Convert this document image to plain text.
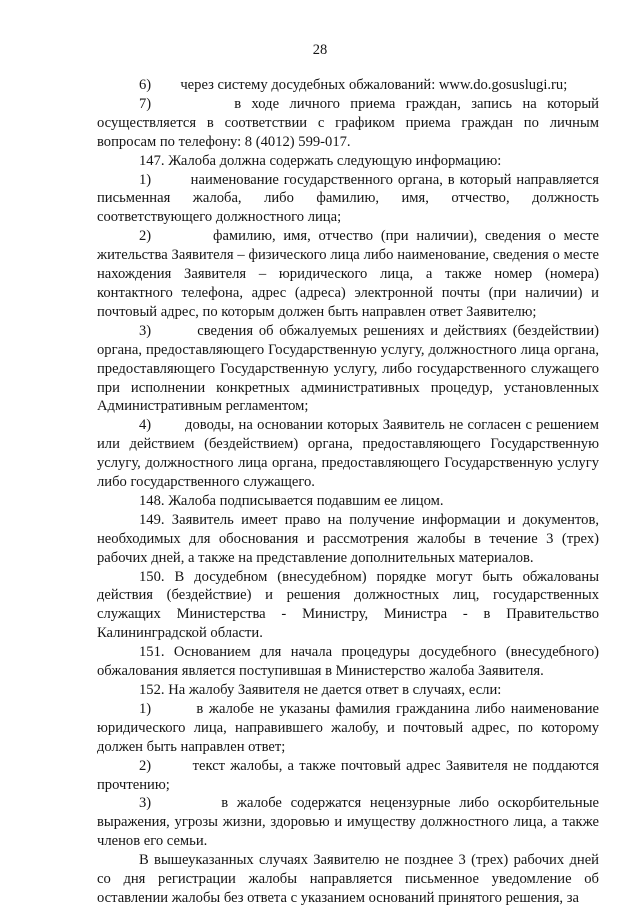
28

6)        через систему досудебных обжалований: www.do.gosuslugi.ru;

7)        в ходе личного приема граждан, запись на который осуществляется в соответствии с графиком приема граждан по личным вопросам по телефону: 8 (4012) 599-017.

147. Жалоба должна содержать следующую информацию:

1)        наименование государственного органа, в который направляется письменная жалоба, либо фамилию, имя, отчество, должность соответствующего должностного лица;

2)        фамилию, имя, отчество (при наличии), сведения о месте жительства Заявителя – физического лица либо наименование, сведения о месте нахождения Заявителя – юридического лица, а также номер (номера) контактного телефона, адрес (адреса) электронной почты (при наличии) и почтовый адрес, по которым должен быть направлен ответ Заявителю;

3)        сведения об обжалуемых решениях и действиях (бездействии) органа, предоставляющего Государственную услугу, должностного лица органа, предоставляющего Государственную услугу, либо государственного служащего при исполнении конкретных административных процедур, установленных Административным регламентом;

4)        доводы, на основании которых Заявитель не согласен с решением или действием (бездействием) органа, предоставляющего Государственную услугу, должностного лица органа, предоставляющего Государственную услугу либо государственного служащего.

148. Жалоба подписывается подавшим ее лицом.

149. Заявитель имеет право на получение информации и документов, необходимых для обоснования и рассмотрения жалобы в течение 3 (трех) рабочих дней, а также на представление дополнительных материалов.

150. В досудебном (внесудебном) порядке могут быть обжалованы действия (бездействие) и решения должностных лиц, государственных служащих Министерства - Министру, Министра - в Правительство Калининградской области.

151. Основанием для начала процедуры досудебного (внесудебного) обжалования является поступившая в Министерство жалоба Заявителя.

152. На жалобу Заявителя не дается ответ в случаях, если:

1)        в жалобе не указаны фамилия гражданина либо наименование юридического лица, направившего жалобу, и почтовый адрес, по которому должен быть направлен ответ;

2)        текст жалобы, а также почтовый адрес Заявителя не поддаются прочтению;

3)        в жалобе содержатся нецензурные либо оскорбительные выражения, угрозы жизни, здоровью и имуществу должностного лица, а также членов его семьи.

В вышеуказанных случаях Заявителю не позднее 3 (трех) рабочих дней со дня регистрации жалобы направляется письменное уведомление об оставлении жалобы без ответа с указанием оснований принятого решения, за
